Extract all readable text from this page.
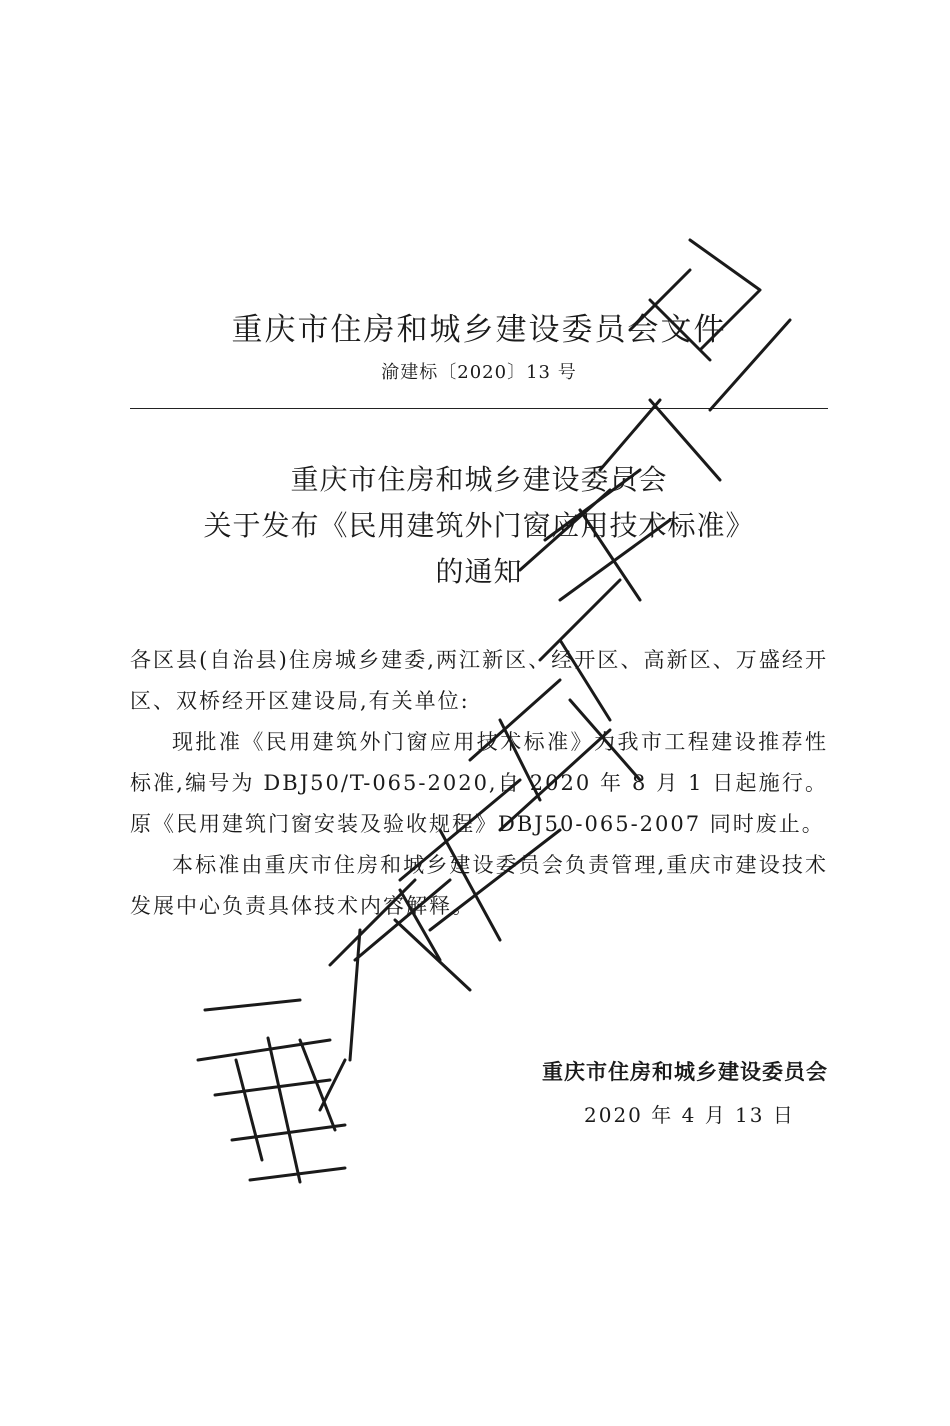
重庆市住房和城乡建设委员会文件
渝建标〔2020〕13 号
重庆市住房和城乡建设委员会
关于发布《民用建筑外门窗应用技术标准》
的通知

各区县(自治县)住房城乡建委,两江新区、经开区、高新区、万盛经开区、双桥经开区建设局,有关单位:

现批准《民用建筑外门窗应用技术标准》为我市工程建设推荐性标准,编号为 DBJ50/T-065-2020,自 2020 年 8 月 1 日起施行。原《民用建筑门窗安装及验收规程》DBJ50-065-2007 同时废止。

本标准由重庆市住房和城乡建设委员会负责管理,重庆市建设技术发展中心负责具体技术内容解释。

重庆市住房和城乡建设委员会
2020 年 4 月 13 日
